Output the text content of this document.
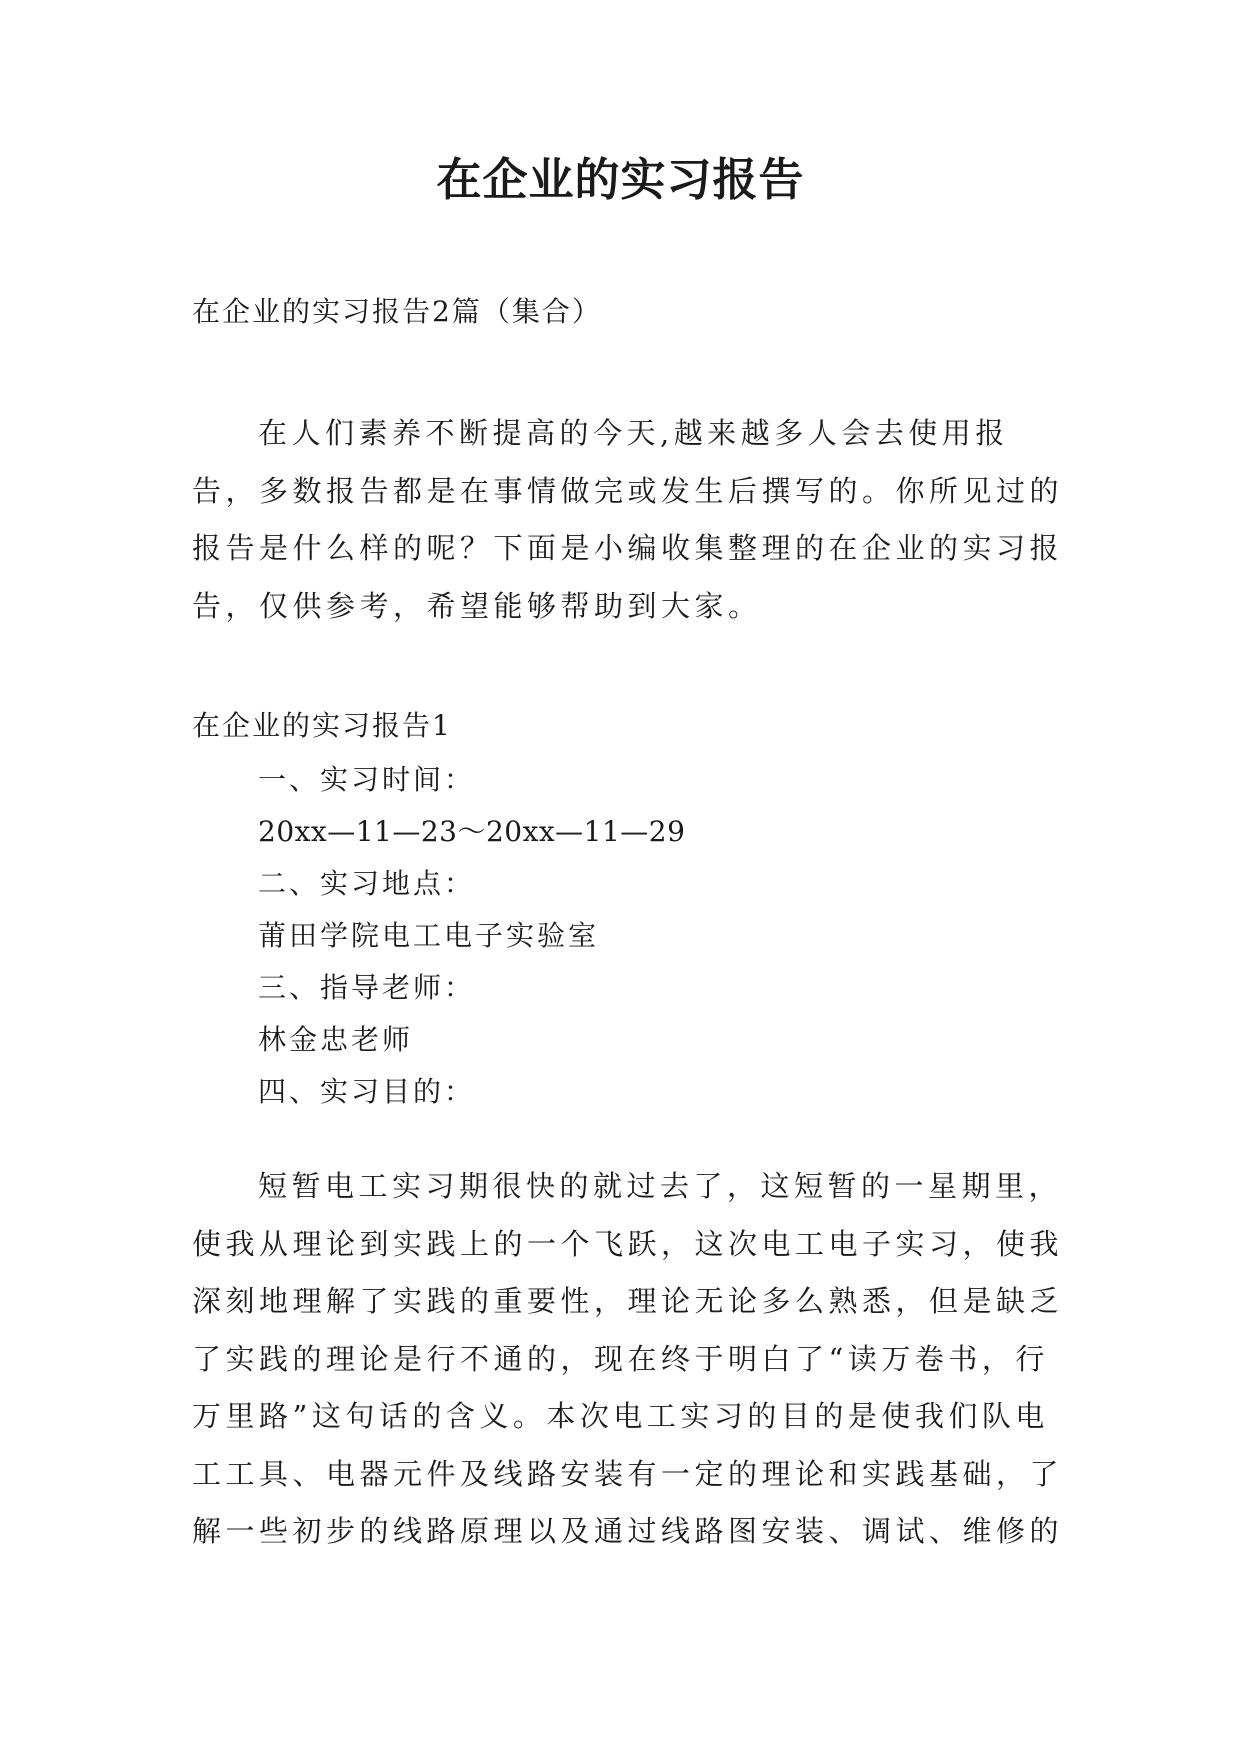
在企业的实习报告
在企业的实习报告2篇（集合）

在人们素养不断提高的今天,越来越多人会去使用报告，多数报告都是在事情做完或发生后撰写的。你所见过的报告是什么样的呢？下面是小编收集整理的在企业的实习报告，仅供参考，希望能够帮助到大家。

在企业的实习报告1
一、实习时间：
20xx—11—23～20xx—11—29
二、实习地点：
莆田学院电工电子实验室
三、指导老师：
林金忠老师
四、实习目的：

短暂电工实习期很快的就过去了，这短暂的一星期里，使我从理论到实践上的一个飞跃，这次电工电子实习，使我深刻地理解了实践的重要性，理论无论多么熟悉，但是缺乏了实践的理论是行不通的，现在终于明白了“读万卷书，行万里路”这句话的含义。本次电工实习的目的是使我们队电工工具、电器元件及线路安装有一定的理论和实践基础，了解一些初步的线路原理以及通过线路图安装、调试、维修的
